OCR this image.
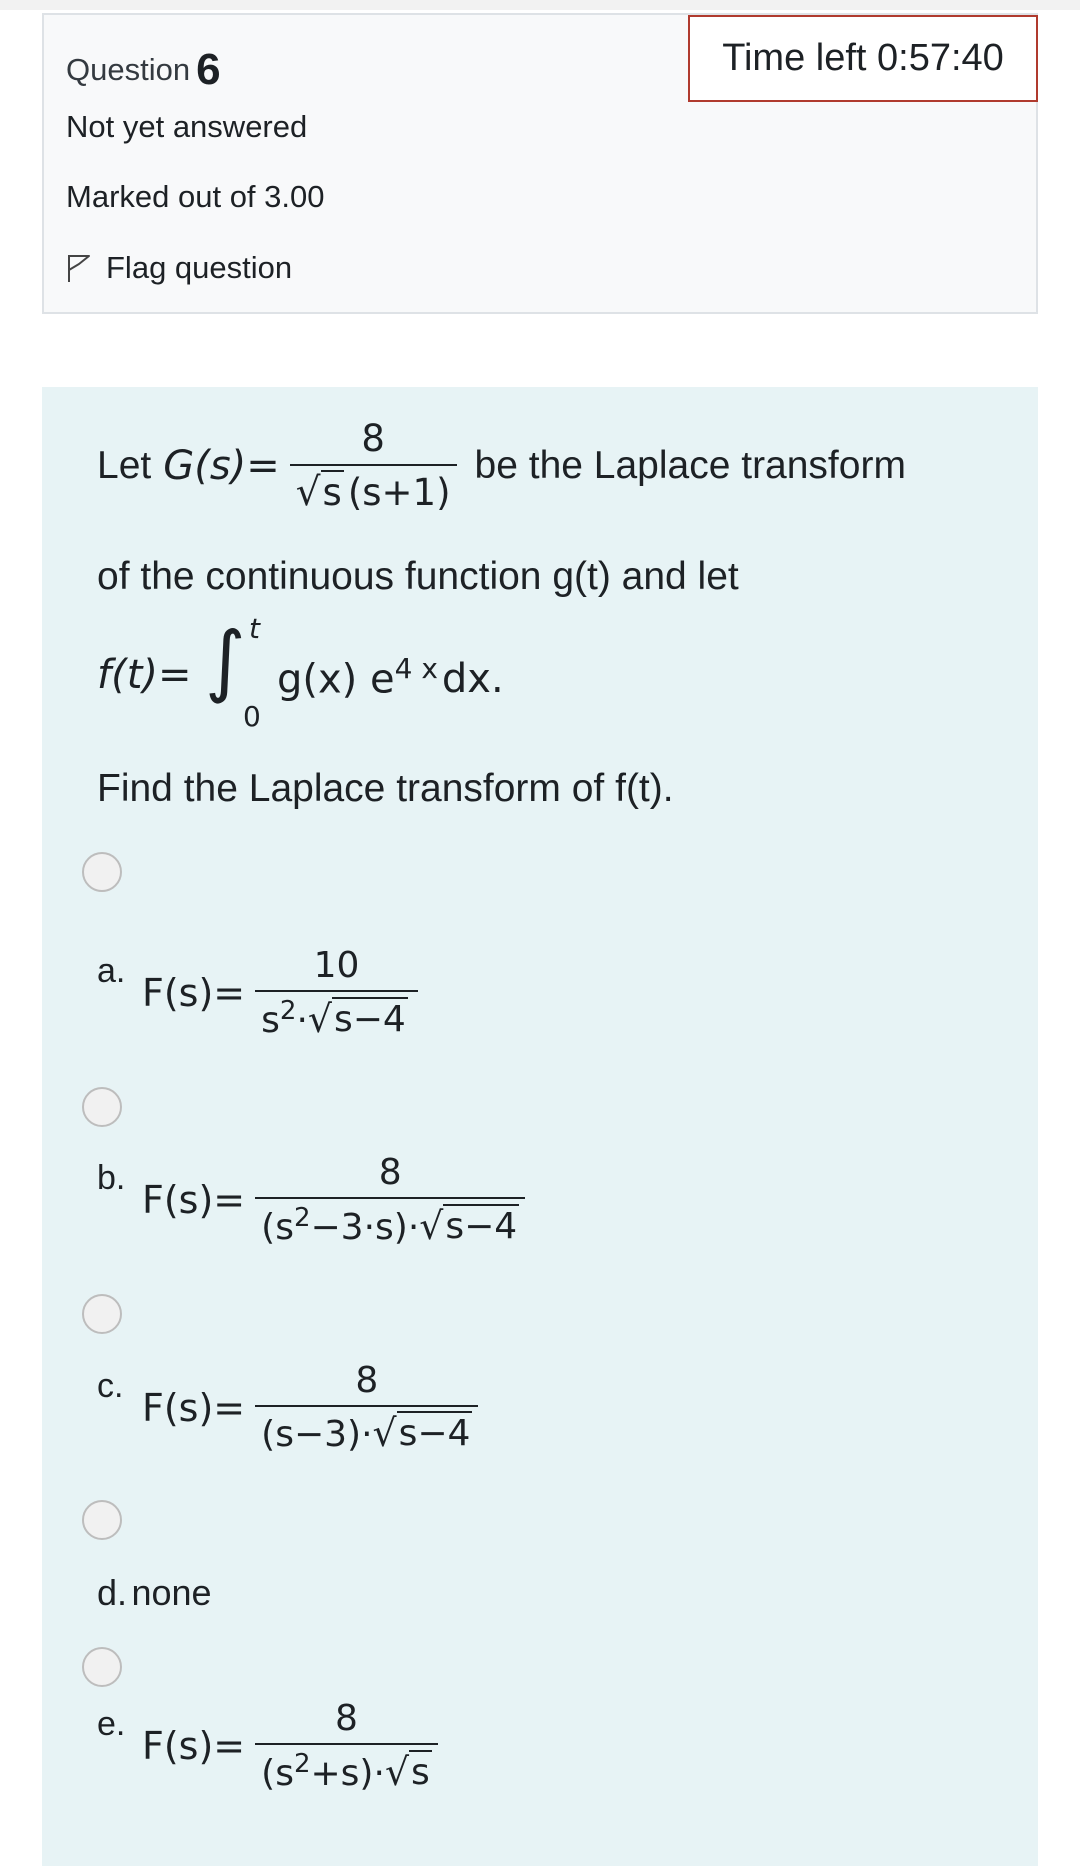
Question 6
Not yet answered
Marked out of 3.00
Flag question
Time left 0:57:40
Let $G(s)= \frac{8}{√ s (s+1)}$ be the Laplace transform
of the continuous function g(t) and let
f(t)= ∫ t
0
g(x) $e^{4 x}$ dx.
Find the Laplace transform of f(t).
a. $F(s)= \frac{10}{s^2\cdot √ s-4}$
b. $F(s)= \frac{8}{(s^2-3\cdot s)\cdot √ s-4}$
c. $F(s)= \frac{8}{(s-3)\cdot √ s-4}$
d. none
e. $F(s)= \frac{8}{(s^2+s)\cdot √ s}$
